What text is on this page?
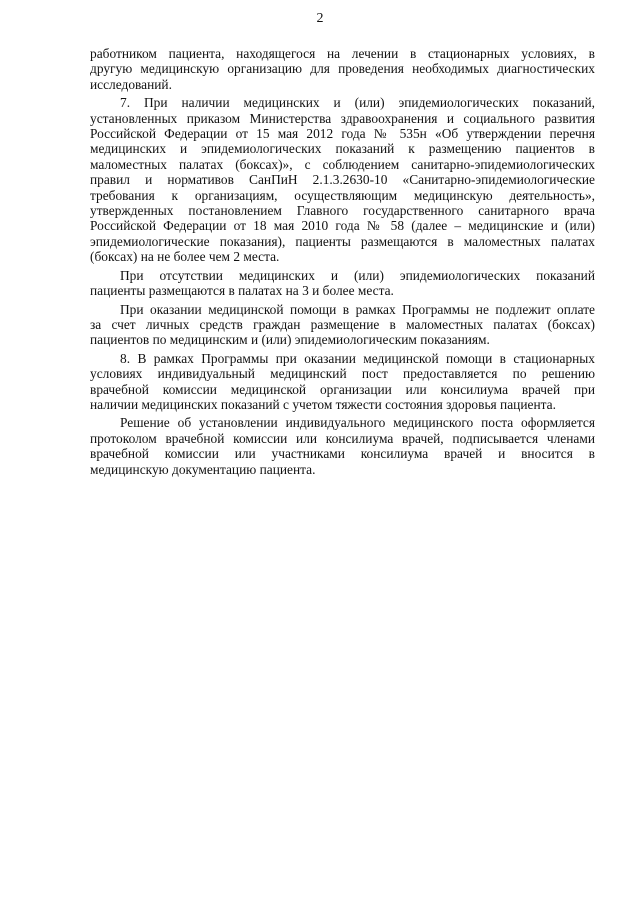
2
работником пациента, находящегося на лечении в стационарных условиях, в
другую медицинскую организацию для проведения необходимых диагностических
исследований.
7. При наличии медицинских и (или) эпидемиологических показаний,
установленных приказом Министерства здравоохранения и социального развития
Российской Федерации от 15 мая 2012 года № 535н «Об утверждении перечня
медицинских и эпидемиологических показаний к размещению пациентов в
маломестных палатах (боксах)», с соблюдением санитарно-эпидемиологических
правил и нормативов СанПиН 2.1.3.2630-10 «Санитарно-эпидемиологические
требования к организациям, осуществляющим медицинскую деятельность»,
утвержденных постановлением Главного государственного санитарного врача
Российской Федерации от 18 мая 2010 года № 58 (далее – медицинские и (или)
эпидемиологические показания), пациенты размещаются в маломестных палатах
(боксах) на не более чем 2 места.
При отсутствии медицинских и (или) эпидемиологических показаний
пациенты размещаются в палатах на 3 и более места.
При оказании медицинской помощи в рамках Программы не подлежит оплате
за счет личных средств граждан размещение в маломестных палатах (боксах)
пациентов по медицинским и (или) эпидемиологическим показаниям.
8. В рамках Программы при оказании медицинской помощи в стационарных
условиях индивидуальный медицинский пост предоставляется по решению
врачебной комиссии медицинской организации или консилиума врачей при
наличии медицинских показаний с учетом тяжести состояния здоровья пациента.
Решение об установлении индивидуального медицинского поста оформляется
протоколом врачебной комиссии или консилиума врачей, подписывается членами
врачебной комиссии или участниками консилиума врачей и вносится в
медицинскую документацию пациента.
